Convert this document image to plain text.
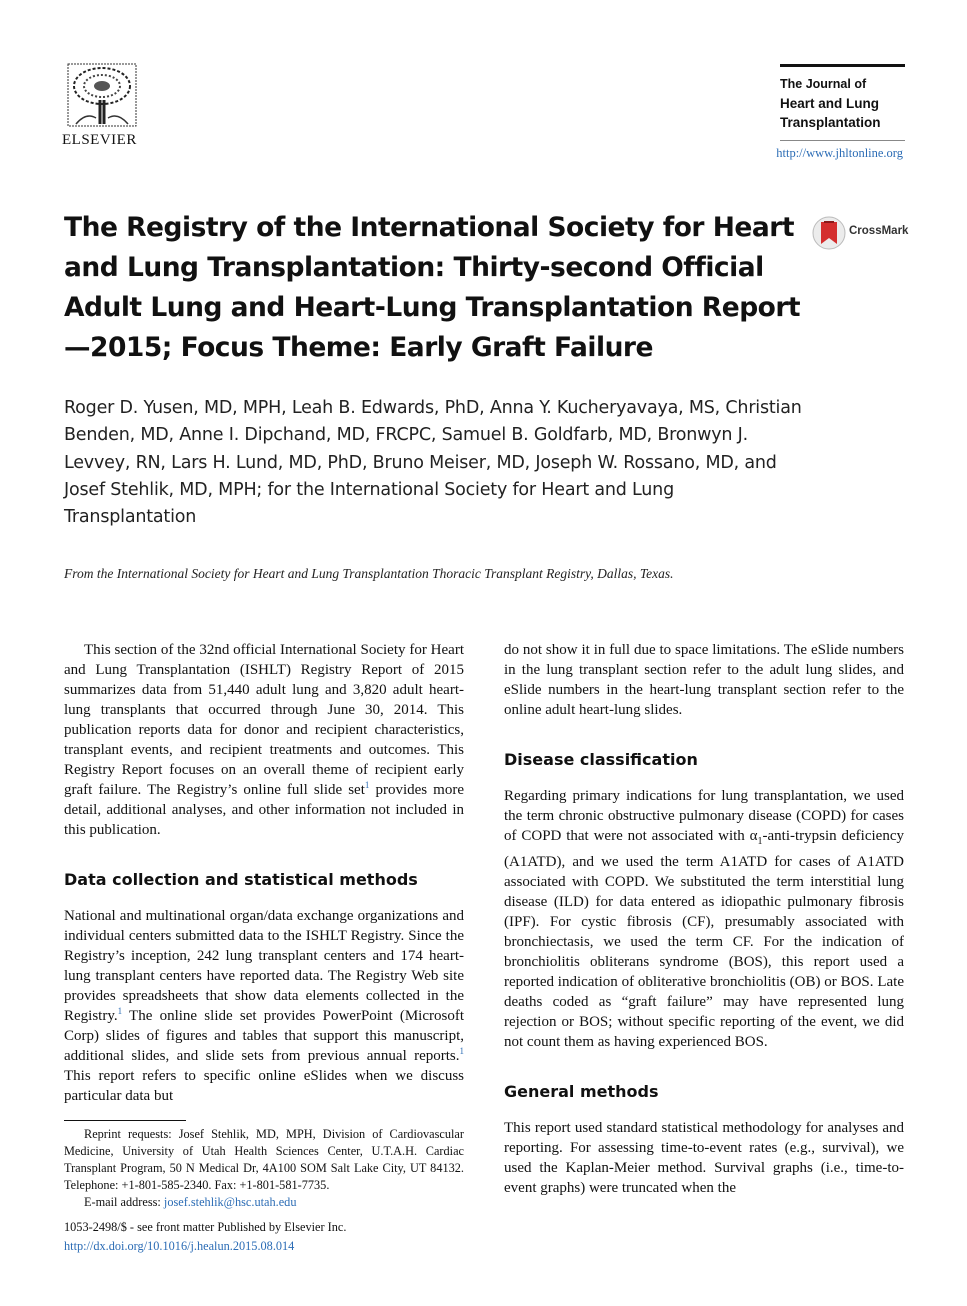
ELSEVIER
The Journal of
Heart and Lung
Transplantation
http://www.jhltonline.org
The Registry of the International Society for Heart and Lung Transplantation: Thirty-second Official Adult Lung and Heart-Lung Transplantation Report—2015; Focus Theme: Early Graft Failure
CrossMark
Roger D. Yusen, MD, MPH, Leah B. Edwards, PhD, Anna Y. Kucheryavaya, MS, Christian Benden, MD, Anne I. Dipchand, MD, FRCPC, Samuel B. Goldfarb, MD, Bronwyn J. Levvey, RN, Lars H. Lund, MD, PhD, Bruno Meiser, MD, Joseph W. Rossano, MD, and Josef Stehlik, MD, MPH; for the International Society for Heart and Lung Transplantation
From the International Society for Heart and Lung Transplantation Thoracic Transplant Registry, Dallas, Texas.

This section of the 32nd official International Society for Heart and Lung Transplantation (ISHLT) Registry Report of 2015 summarizes data from 51,440 adult lung and 3,820 adult heart-lung transplants that occurred through June 30, 2014. This publication reports data for donor and recipient characteristics, transplant events, and recipient treatments and outcomes. This Registry Report focuses on an overall theme of recipient early graft failure. The Registry’s online full slide set$^1$ provides more detail, additional analyses, and other information not included in this publication.

Data collection and statistical methods

National and multinational organ/data exchange organizations and individual centers submitted data to the ISHLT Registry. Since the Registry’s inception, 242 lung transplant centers and 174 heart-lung transplant centers have reported data. The Registry Web site provides spreadsheets that show data elements collected in the Registry.$^1$ The online slide set provides PowerPoint (Microsoft Corp) slides of figures and tables that support this manuscript, additional slides, and slide sets from previous annual reports.$^1$ This report refers to specific online eSlides when we discuss particular data but

do not show it in full due to space limitations. The eSlide numbers in the lung transplant section refer to the adult lung slides, and eSlide numbers in the heart-lung transplant section refer to the online adult heart-lung slides.

Disease classification

Regarding primary indications for lung transplantation, we used the term chronic obstructive pulmonary disease (COPD) for cases of COPD that were not associated with $\alpha_1-anti$-trypsin deficiency (A1ATD), and we used the term A1ATD for cases of A1ATD associated with COPD. We substituted the term interstitial lung disease (ILD) for data entered as idiopathic pulmonary fibrosis (IPF). For cystic fibrosis (CF), presumably associated with bronchiectasis, we used the term CF. For the indication of bronchiolitis obliterans syndrome (BOS), this report used a reported indication of obliterative bronchiolitis (OB) or BOS. Late deaths coded as “graft failure” may have represented lung rejection or BOS; without specific reporting of the event, we did not count them as having experienced BOS.

General methods

This report used standard statistical methodology for analyses and reporting. For assessing time-to-event rates (e.g., survival), we used the Kaplan-Meier method. Survival graphs (i.e., time-to-event graphs) were truncated when the

Reprint requests: Josef Stehlik, MD, MPH, Division of Cardiovascular Medicine, University of Utah Health Sciences Center, U.T.A.H. Cardiac Transplant Program, 50 N Medical Dr, 4A100 SOM Salt Lake City, UT 84132. Telephone: +1-801-585-2340. Fax: +1-801-581-7735.

E-mail address: josef.stehlik@hsc.utah.edu

1053-2498/$ - see front matter Published by Elsevier Inc.
http://dx.doi.org/10.1016/j.healun.2015.08.014
